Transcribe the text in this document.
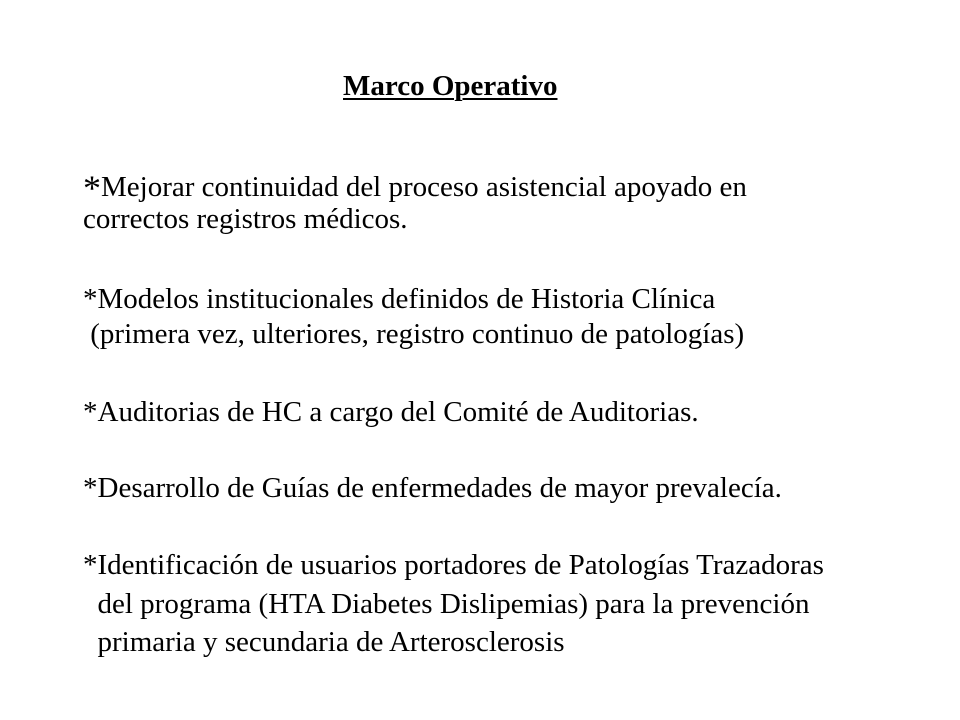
Marco Operativo
*Mejorar continuidad del proceso asistencial apoyado en
correctos registros médicos.
*Modelos institucionales definidos de Historia Clínica
(primera vez, ulteriores, registro continuo de patologías)
*Auditorias de HC a cargo del Comité de Auditorias.
*Desarrollo de Guías de enfermedades de mayor prevalecía.
*Identificación de usuarios portadores de Patologías Trazadoras
del programa (HTA Diabetes Dislipemias) para la prevención
primaria y secundaria de Arterosclerosis
